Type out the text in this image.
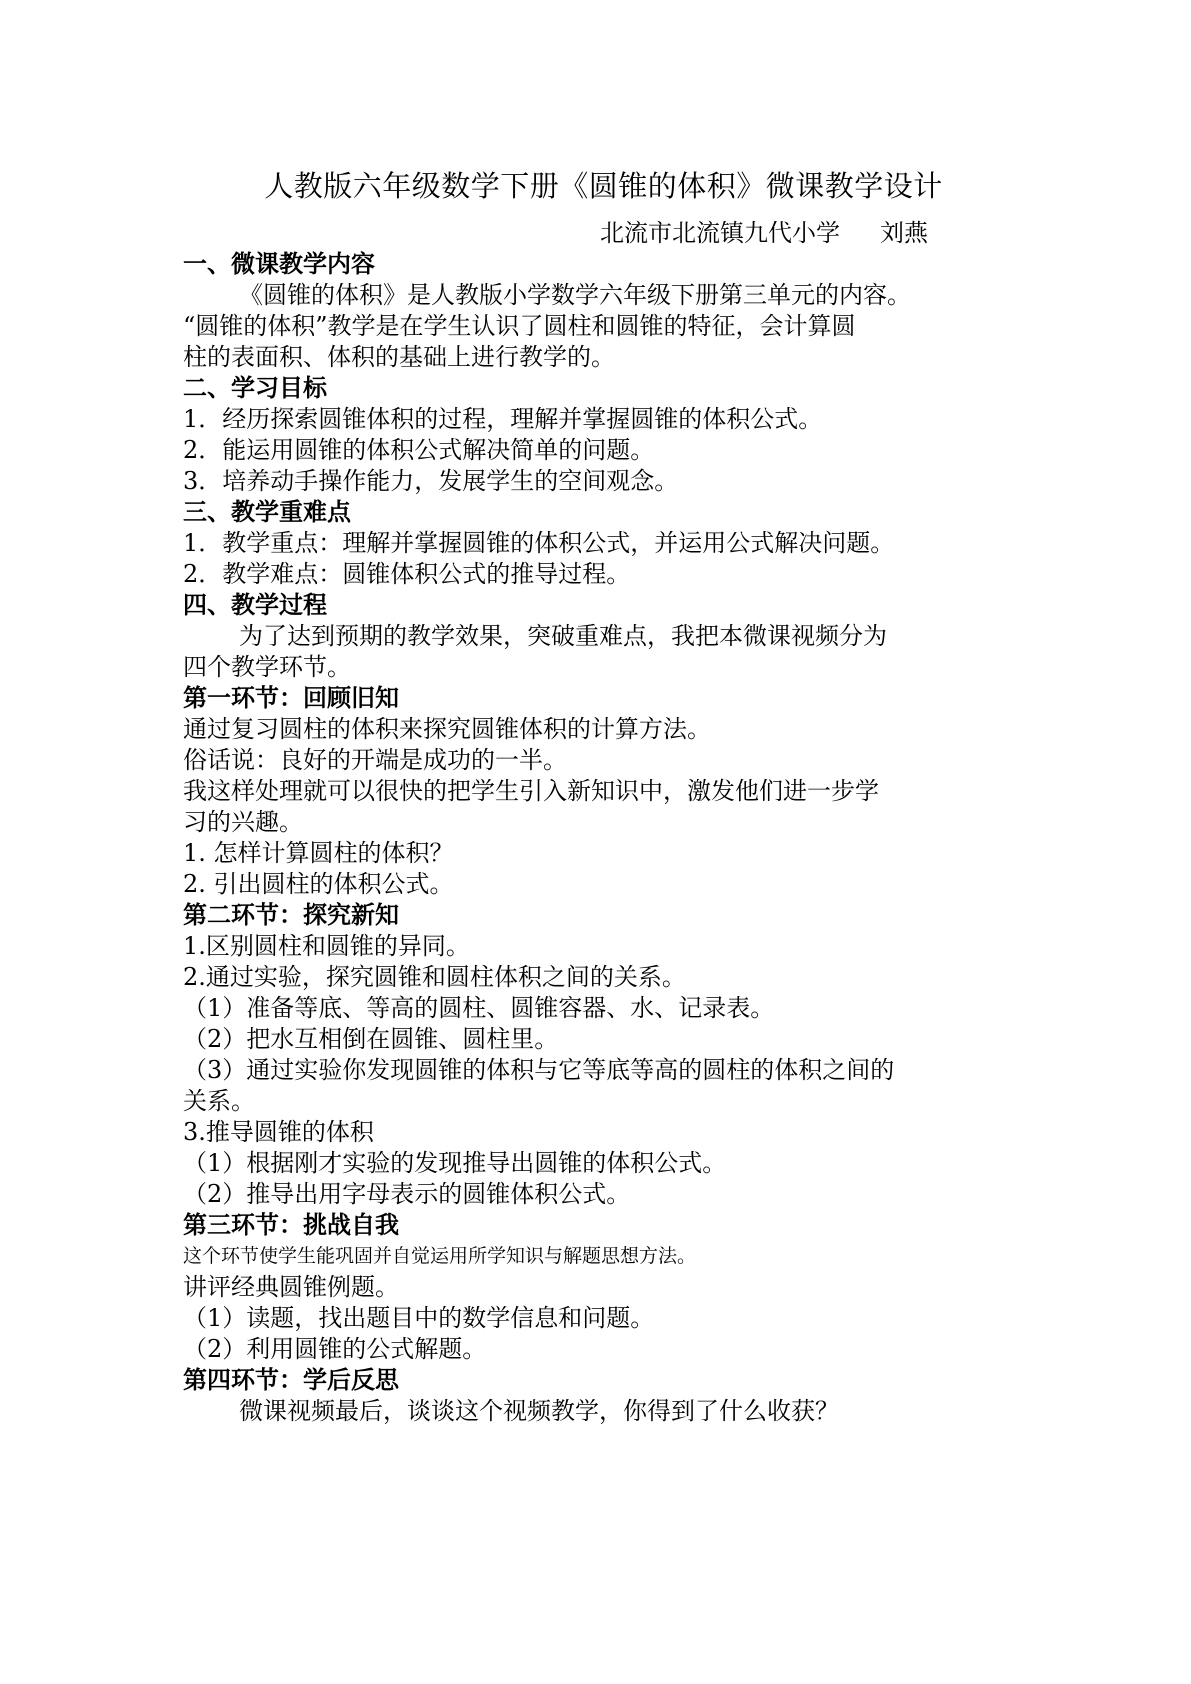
人教版六年级数学下册《圆锥的体积》微课教学设计
北流市北流镇九代小学 刘燕
一、微课教学内容
《圆锥的体积》是人教版小学数学六年级下册第三单元的内容。
“圆锥的体积”教学是在学生认识了圆柱和圆锥的特征，会计算圆
柱的表面积、体积的基础上进行教学的。
二、学习目标
1．经历探索圆锥体积的过程，理解并掌握圆锥的体积公式。
2．能运用圆锥的体积公式解决简单的问题。
3．培养动手操作能力，发展学生的空间观念。
三、教学重难点
1．教学重点：理解并掌握圆锥的体积公式，并运用公式解决问题。
2．教学难点：圆锥体积公式的推导过程。
四、教学过程
为了达到预期的教学效果，突破重难点，我把本微课视频分为
四个教学环节。
第一环节：回顾旧知
通过复习圆柱的体积来探究圆锥体积的计算方法。
俗话说：良好的开端是成功的一半。
我这样处理就可以很快的把学生引入新知识中，激发他们进一步学
习的兴趣。
1. 怎样计算圆柱的体积？
2. 引出圆柱的体积公式。
第二环节：探究新知
1.区别圆柱和圆锥的异同。
2.通过实验，探究圆锥和圆柱体积之间的关系。
（1）准备等底、等高的圆柱、圆锥容器、水、记录表。
（2）把水互相倒在圆锥、圆柱里。
（3）通过实验你发现圆锥的体积与它等底等高的圆柱的体积之间的
关系。
3.推导圆锥的体积
（1）根据刚才实验的发现推导出圆锥的体积公式。
（2）推导出用字母表示的圆锥体积公式。
第三环节：挑战自我
这个环节使学生能巩固并自觉运用所学知识与解题思想方法。
讲评经典圆锥例题。
（1）读题，找出题目中的数学信息和问题。
（2）利用圆锥的公式解题。
第四环节：学后反思
微课视频最后，谈谈这个视频教学，你得到了什么收获？
